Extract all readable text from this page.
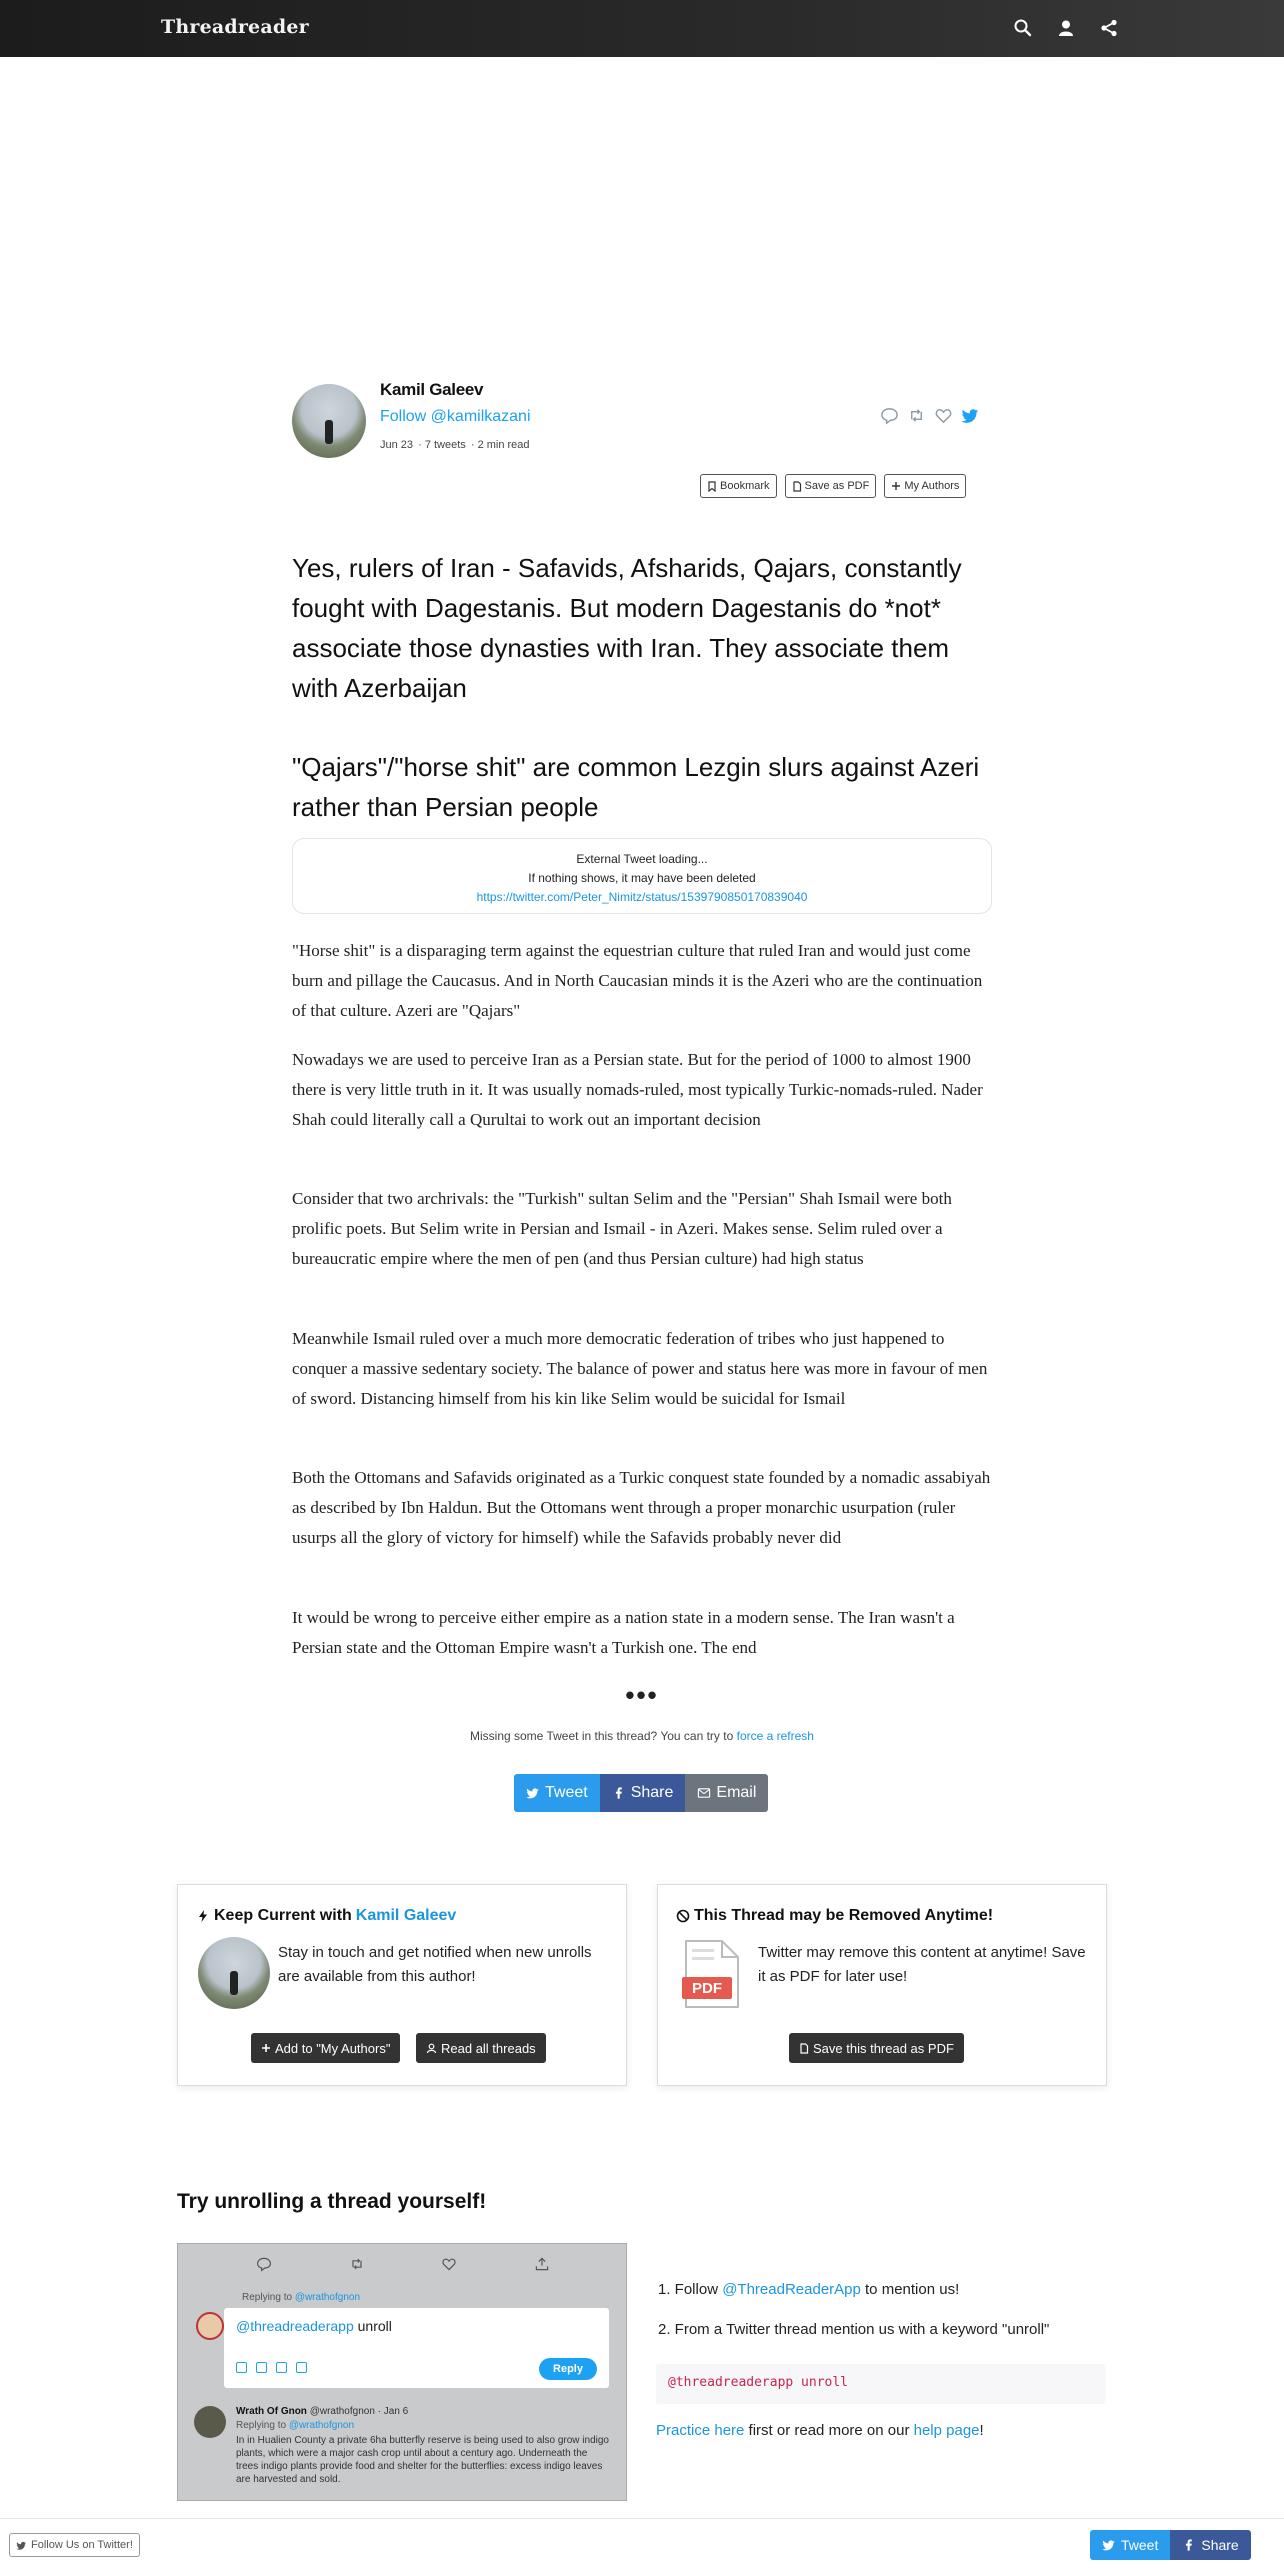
Threadreader
Kamil Galeev
Follow @kamilkazani
Jun 23 · 7 tweets · 2 min read
Bookmark	Save as PDF	My Authors
Yes, rulers of Iran - Safavids, Afsharids, Qajars, constantly fought with Dagestanis. But modern Dagestanis do *not* associate those dynasties with Iran. They associate them with Azerbaijan
"Qajars"/"horse shit" are common Lezgin slurs against Azeri rather than Persian people
External Tweet loading...
If nothing shows, it may have been deleted
https://twitter.com/Peter_Nimitz/status/1539790850170839040
"Horse shit" is a disparaging term against the equestrian culture that ruled Iran and would just come burn and pillage the Caucasus. And in North Caucasian minds it is the Azeri who are the continuation of that culture. Azeri are "Qajars"
Nowadays we are used to perceive Iran as a Persian state. But for the period of 1000 to almost 1900 there is very little truth in it. It was usually nomads-ruled, most typically Turkic-nomads-ruled. Nader Shah could literally call a Qurultai to work out an important decision
Consider that two archrivals: the "Turkish" sultan Selim and the "Persian" Shah Ismail were both prolific poets. But Selim write in Persian and Ismail - in Azeri. Makes sense. Selim ruled over a bureaucratic empire where the men of pen (and thus Persian culture) had high status
Meanwhile Ismail ruled over a much more democratic federation of tribes who just happened to conquer a massive sedentary society. The balance of power and status here was more in favour of men of sword. Distancing himself from his kin like Selim would be suicidal for Ismail
Both the Ottomans and Safavids originated as a Turkic conquest state founded by a nomadic assabiyah as described by Ibn Haldun. But the Ottomans went through a proper monarchic usurpation (ruler usurps all the glory of victory for himself) while the Safavids probably never did
It would be wrong to perceive either empire as a nation state in a modern sense. The Iran wasn't a Persian state and the Ottoman Empire wasn't a Turkish one. The end
•••
Missing some Tweet in this thread? You can try to force a refresh
Tweet	Share	Email
Keep Current with Kamil Galeev
Stay in touch and get notified when new unrolls are available from this author!
Add to "My Authors"	Read all threads
This Thread may be Removed Anytime!
PDF
Twitter may remove this content at anytime! Save it as PDF for later use!
Save this thread as PDF
Try unrolling a thread yourself!
Replying to @wrathofgnon
@threadreaderapp unroll
Reply
Wrath Of Gnon @wrathofgnon · Jan 6
Replying to @wrathofgnon
In in Hualien County a private 6ha butterfly reserve is being used to also grow indigo plants, which were a major cash crop until about a century ago. Underneath the trees indigo plants provide food and shelter for the butterflies: excess indigo leaves are harvested and sold.
1. Follow @ThreadReaderApp to mention us!
2. From a Twitter thread mention us with a keyword "unroll"
@threadreaderapp unroll
Practice here first or read more on our help page!
Follow Us on Twitter!	Tweet	Share
